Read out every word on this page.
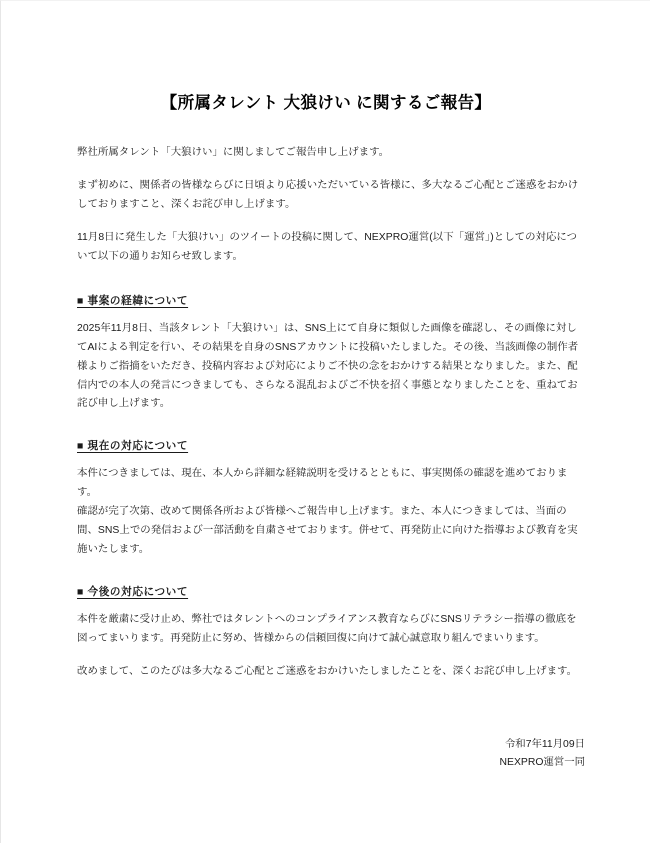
【所属タレント 大狼けい に関するご報告】

弊社所属タレント「大狼けい」に関しましてご報告申し上げます。

まず初めに、関係者の皆様ならびに日頃より応援いただいている皆様に、多大なるご心配とご迷惑をおかけしておりますこと、深くお詫び申し上げます。

11月8日に発生した「大狼けい」のツイートの投稿に関して、NEXPRO運営(以下「運営」)としての対応について以下の通りお知らせ致します。

■ 事案の経緯について

2025年11月8日、当該タレント「大狼けい」は、SNS上にて自身に類似した画像を確認し、その画像に対してAIによる判定を行い、その結果を自身のSNSアカウントに投稿いたしました。その後、当該画像の制作者様よりご指摘をいただき、投稿内容および対応によりご不快の念をおかけする結果となりました。また、配信内での本人の発言につきましても、さらなる混乱およびご不快を招く事態となりましたことを、重ねてお詫び申し上げます。

■ 現在の対応について

本件につきましては、現在、本人から詳細な経緯説明を受けるとともに、事実関係の確認を進めております。

確認が完了次第、改めて関係各所および皆様へご報告申し上げます。また、本人につきましては、当面の間、SNS上での発信および一部活動を自粛させております。併せて、再発防止に向けた指導および教育を実施いたします。

■ 今後の対応について

本件を厳粛に受け止め、弊社ではタレントへのコンプライアンス教育ならびにSNSリテラシー指導の徹底を図ってまいります。再発防止に努め、皆様からの信頼回復に向けて誠心誠意取り組んでまいります。

改めまして、このたびは多大なるご心配とご迷惑をおかけいたしましたことを、深くお詫び申し上げます。

令和7年11月09日
NEXPRO運営一同
